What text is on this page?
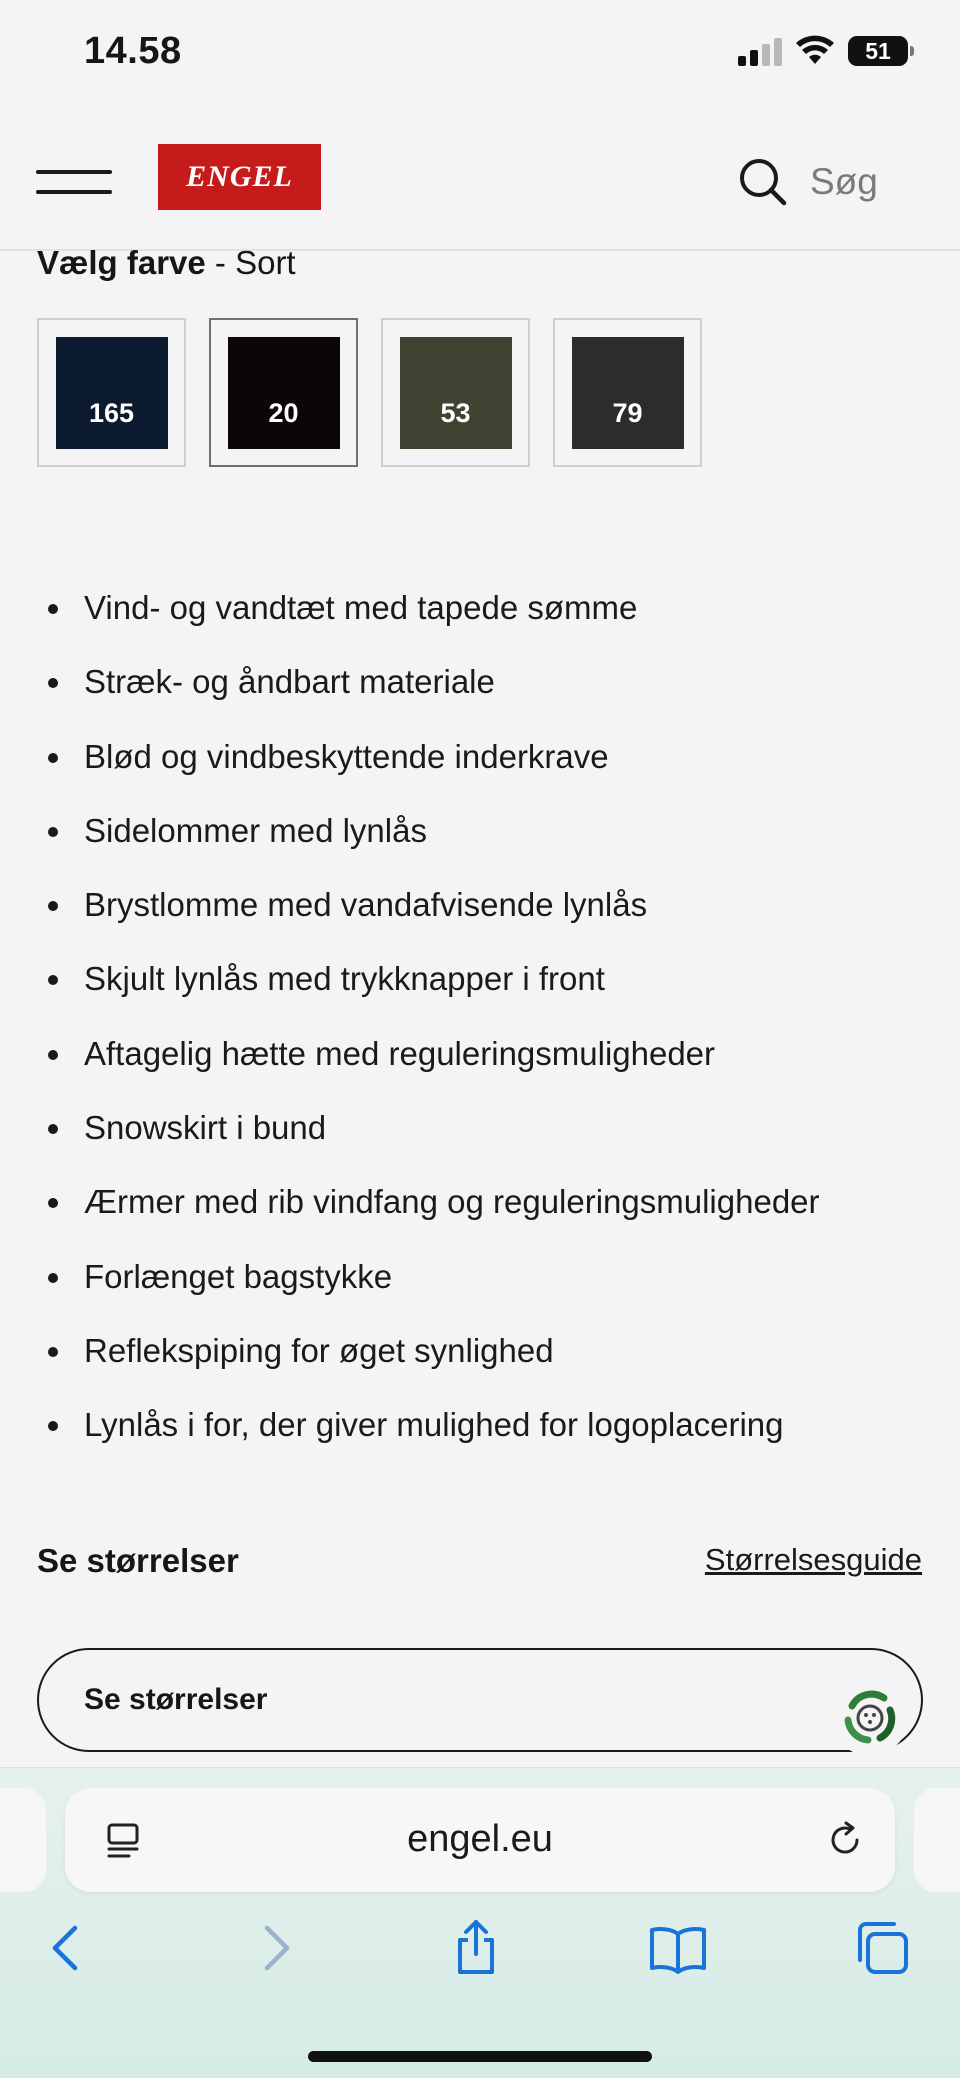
14.58	51
ENGEL	Søg
Vælg farve - Sort
165	20	53	79
Vind- og vandtæt med tapede sømme
Stræk- og åndbart materiale
Blød og vindbeskyttende inderkrave
Sidelommer med lynlås
Brystlomme med vandafvisende lynlås
Skjult lynlås med trykknapper i front
Aftagelig hætte med reguleringsmuligheder
Snowskirt i bund
Ærmer med rib vindfang og reguleringsmuligheder
Forlænget bagstykke
Reflekspiping for øget synlighed
Lynlås i for, der giver mulighed for logoplacering
Se størrelser	Størrelsesguide
Se størrelser
engel.eu
